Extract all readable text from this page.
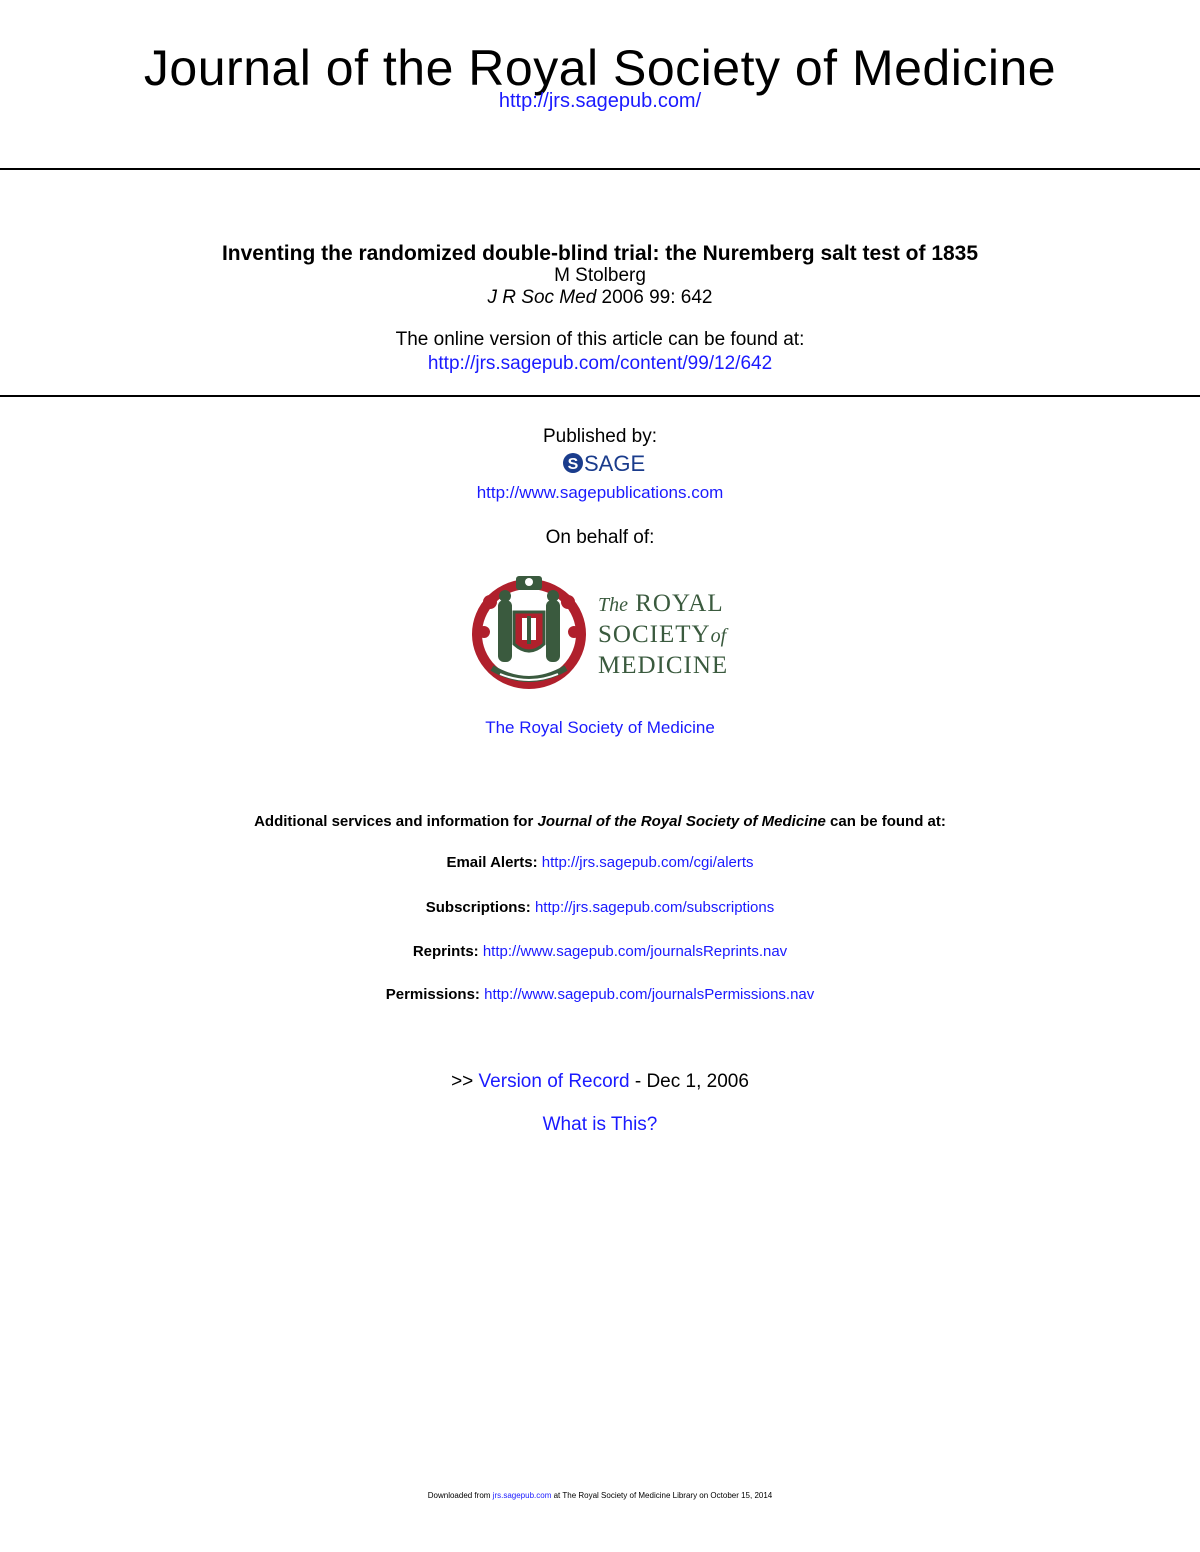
Journal of the Royal Society of Medicine
http://jrs.sagepub.com/
Inventing the randomized double-blind trial: the Nuremberg salt test of 1835
M Stolberg
J R Soc Med 2006 99: 642
The online version of this article can be found at:
http://jrs.sagepub.com/content/99/12/642
Published by:
S SAGE
http://www.sagepublications.com
On behalf of:
The ROYAL
SOCIETYof
MEDICINE
The Royal Society of Medicine
Additional services and information for Journal of the Royal Society of Medicine can be found at:
Email Alerts: http://jrs.sagepub.com/cgi/alerts
Subscriptions: http://jrs.sagepub.com/subscriptions
Reprints: http://www.sagepub.com/journalsReprints.nav
Permissions: http://www.sagepub.com/journalsPermissions.nav
>> Version of Record - Dec 1, 2006
What is This?
Downloaded from jrs.sagepub.com at The Royal Society of Medicine Library on October 15, 2014
